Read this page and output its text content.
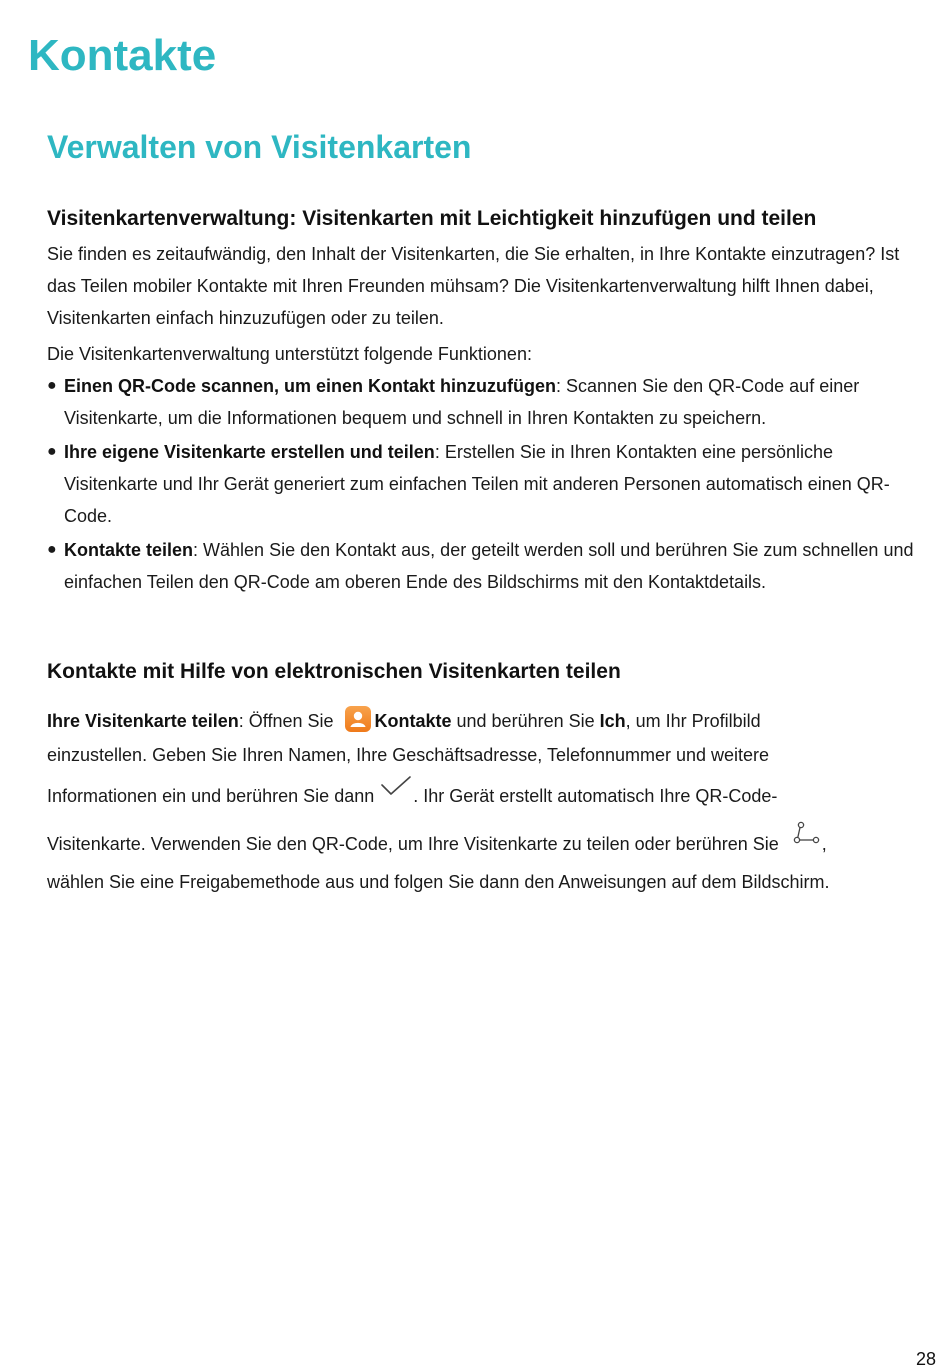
Kontakte
Verwalten von Visitenkarten
Visitenkartenverwaltung: Visitenkarten mit Leichtigkeit hinzufügen und teilen

Sie finden es zeitaufwändig, den Inhalt der Visitenkarten, die Sie erhalten, in Ihre Kontakte einzutragen? Ist das Teilen mobiler Kontakte mit Ihren Freunden mühsam? Die Visitenkartenverwaltung hilft Ihnen dabei, Visitenkarten einfach hinzuzufügen oder zu teilen.

Die Visitenkartenverwaltung unterstützt folgende Funktionen:

● Einen QR-Code scannen, um einen Kontakt hinzuzufügen: Scannen Sie den QR-Code auf einer Visitenkarte, um die Informationen bequem und schnell in Ihren Kontakten zu speichern.
● Ihre eigene Visitenkarte erstellen und teilen: Erstellen Sie in Ihren Kontakten eine persönliche Visitenkarte und Ihr Gerät generiert zum einfachen Teilen mit anderen Personen automatisch einen QR-Code.
● Kontakte teilen: Wählen Sie den Kontakt aus, der geteilt werden soll und berühren Sie zum schnellen und einfachen Teilen den QR-Code am oberen Ende des Bildschirms mit den Kontaktdetails.
Kontakte mit Hilfe von elektronischen Visitenkarten teilen
Ihre Visitenkarte teilen: Öffnen Sie Kontakte und berühren Sie Ich, um Ihr Profilbild
einzustellen. Geben Sie Ihren Namen, Ihre Geschäftsadresse, Telefonnummer und weitere
Informationen ein und berühren Sie dann . Ihr Gerät erstellt automatisch Ihre QR-Code-
Visitenkarte. Verwenden Sie den QR-Code, um Ihre Visitenkarte zu teilen oder berühren Sie ,
wählen Sie eine Freigabemethode aus und folgen Sie dann den Anweisungen auf dem Bildschirm.
28
